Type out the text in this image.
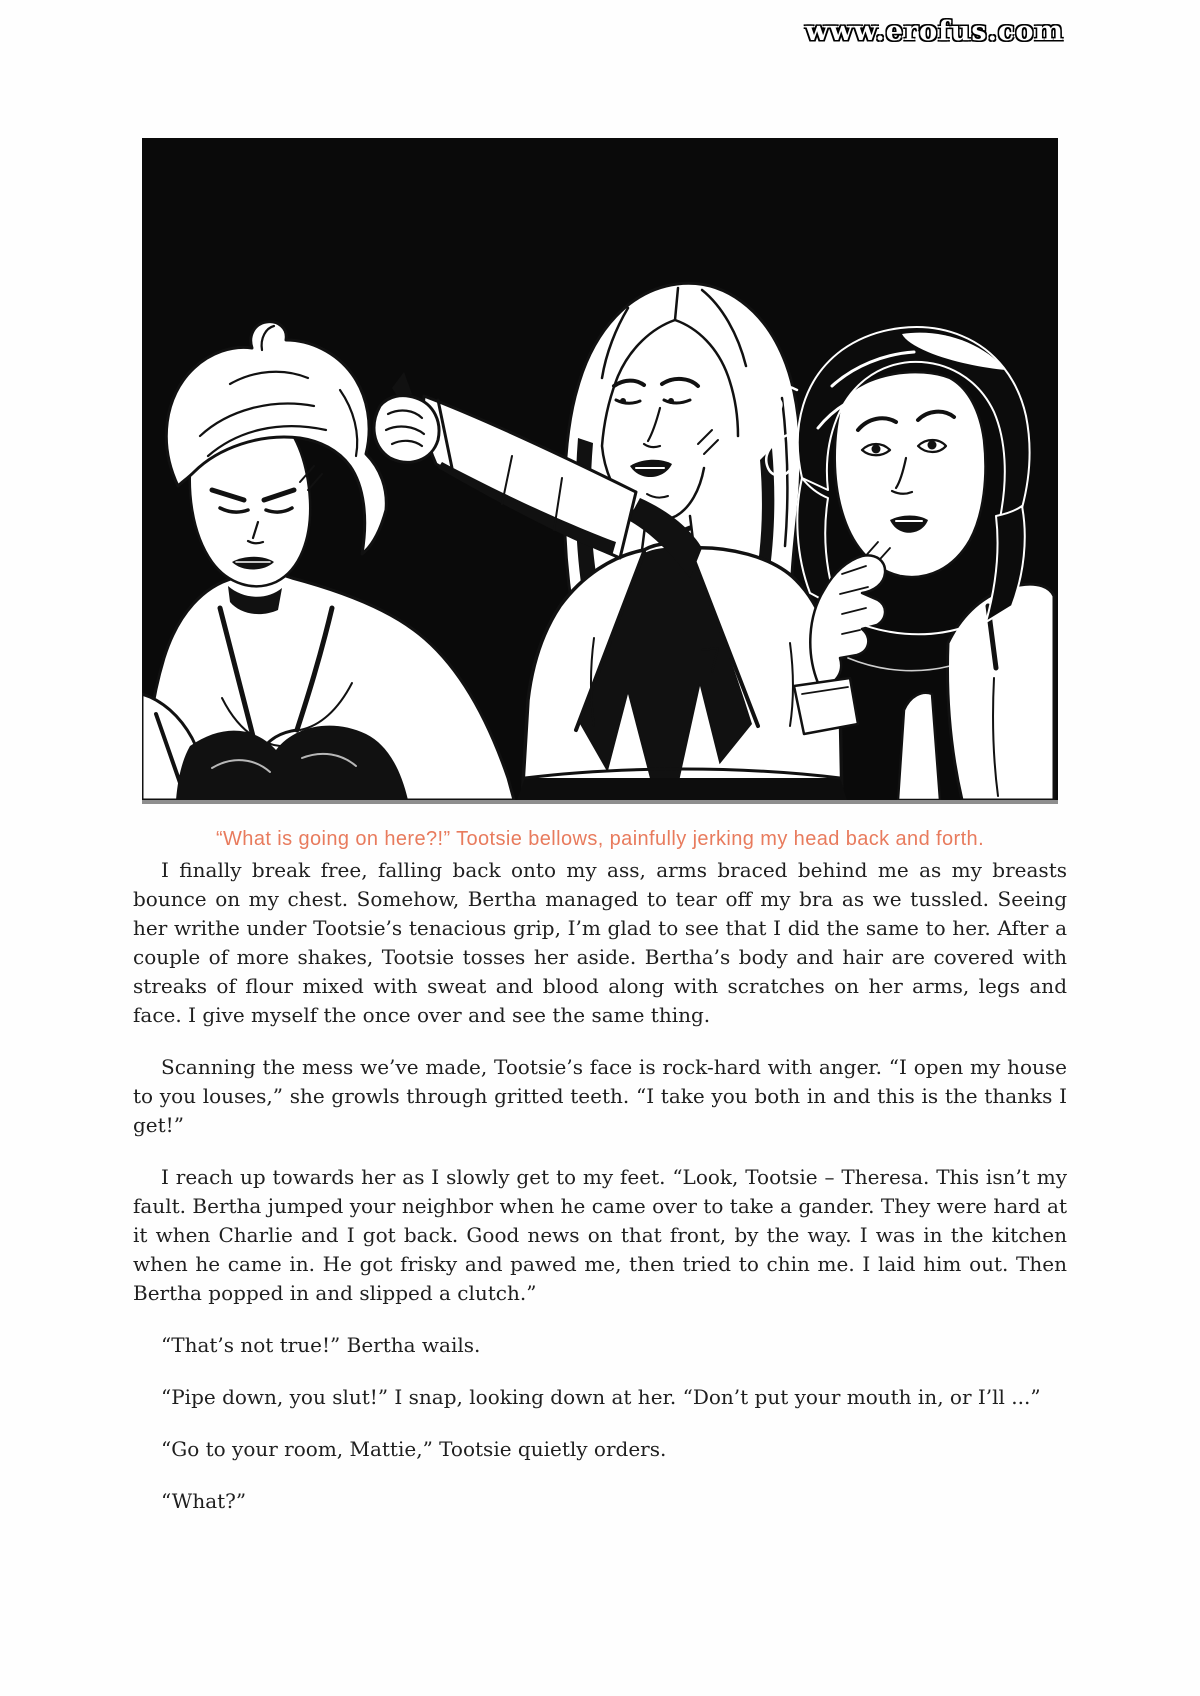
www.erofus.com
“What is going on here?!” Tootsie bellows, painfully jerking my head back and forth.

I finally break free, falling back onto my ass, arms braced behind me as my breasts bounce on my chest. Somehow, Bertha managed to tear off my bra as we tussled. Seeing her writhe under Tootsie’s tenacious grip, I’m glad to see that I did the same to her. After a couple of more shakes, Tootsie tosses her aside. Bertha’s body and hair are covered with streaks of flour mixed with sweat and blood along with scratches on her arms, legs and face. I give myself the once over and see the same thing.

Scanning the mess we’ve made, Tootsie’s face is rock-hard with anger. “I open my house to you louses,” she growls through gritted teeth. “I take you both in and this is the thanks I get!”

I reach up towards her as I slowly get to my feet. “Look, Tootsie – Theresa. This isn’t my fault. Bertha jumped your neighbor when he came over to take a gander. They were hard at it when Charlie and I got back. Good news on that front, by the way. I was in the kitchen when he came in. He got frisky and pawed me, then tried to chin me. I laid him out. Then Bertha popped in and slipped a clutch.”

“That’s not true!” Bertha wails.

“Pipe down, you slut!” I snap, looking down at her. “Don’t put your mouth in, or I’ll ...”

“Go to your room, Mattie,” Tootsie quietly orders.

“What?”
